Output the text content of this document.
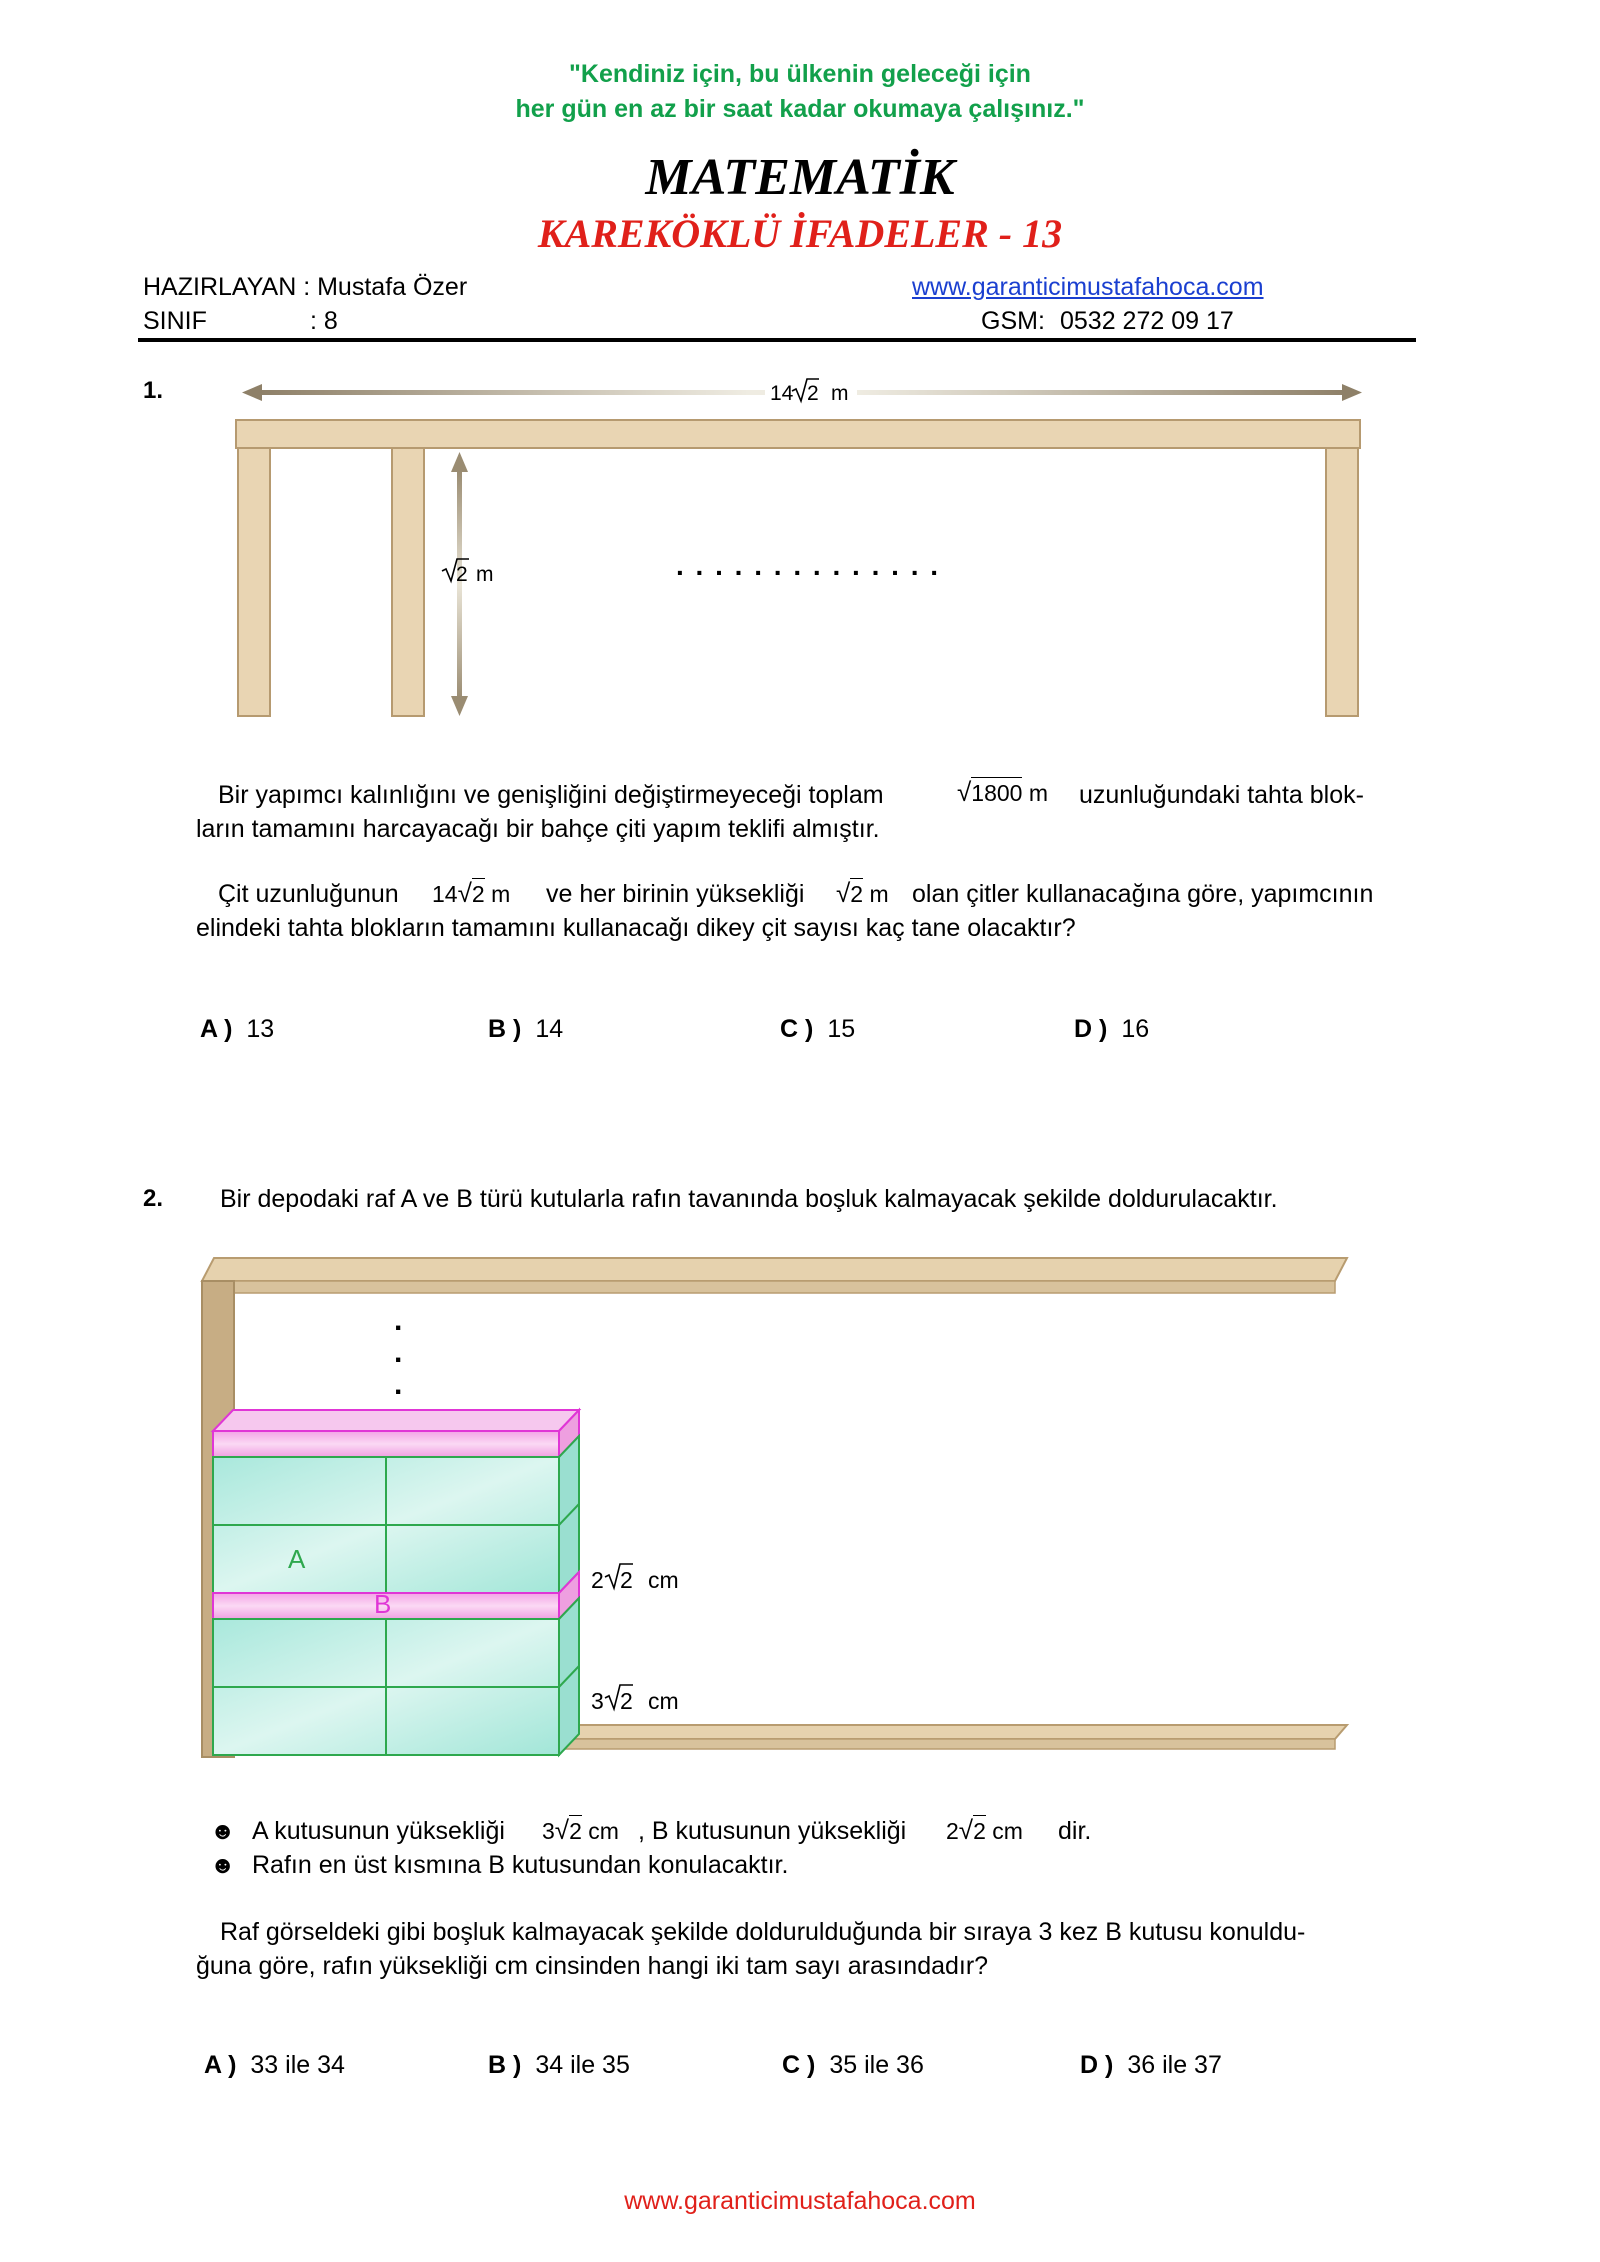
"Kendiniz için, bu ülkenin geleceği için
her gün en az bir saat kadar okumaya çalışınız."
MATEMATİK
KAREKÖKLÜ İFADELER - 13
HAZIRLAYAN : Mustafa Özer
SINIF	: 8
www.garanticimustafahoca.com
GSM: 0532 272 09 17
1.	14 2 m
2 m	. . . . . . . . . . . . . .
Bir yapımcı kalınlığını ve genişliğini değiştirmeyeceği toplam	√1800 m uzunluğundaki tahta blok-
ların tamamını harcayacağı bir bahçe çiti yapım teklifi almıştır.
Çit uzunluğunun 14√2 m ve her birinin yüksekliği √2 m olan çitler kullanacağına göre, yapımcının
elindeki tahta blokların tamamını kullanacağı dikey çit sayısı kaç tane olacaktır?
A ) 13	B ) 14	C ) 15	D ) 16
2. Bir depodaki raf A ve B türü kutularla rafın tavanında boşluk kalmayacak şekilde doldurulacaktır.
.
.
.
A
B
2 2 cm
3 2 cm
☻ A kutusunun yüksekliği 3√2 cm , B kutusunun yüksekliği 2√2 cm dir.
☻ Rafın en üst kısmına B kutusundan konulacaktır.
Raf görseldeki gibi boşluk kalmayacak şekilde doldurulduğunda bir sıraya 3 kez B kutusu konuldu-
ğuna göre, rafın yüksekliği cm cinsinden hangi iki tam sayı arasındadır?
A ) 33 ile 34	B ) 34 ile 35	C ) 35 ile 36	D ) 36 ile 37
www.garanticimustafahoca.com
